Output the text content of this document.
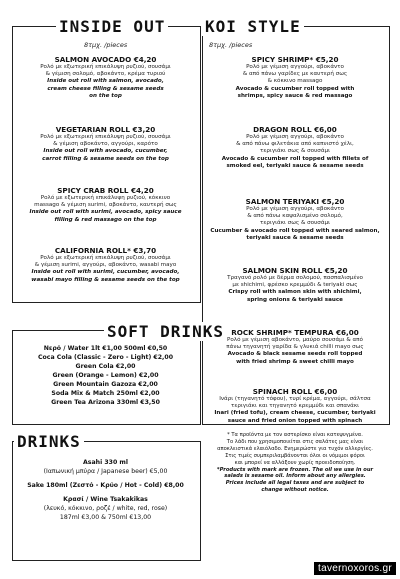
INSIDE OUT
8τμχ. /pieces
SALMON AVOCADO €4,20
Ρολό με εξωτερική επικάλυψη ρυζιού, σουσάμι
& γέμιση σολομό, αβοκάντο, κρέμα τυριού
Inside out roll with salmon, avocado,
cream cheese filling & sesame seeds
on the top
VEGETARIAN ROLL €3,20
Ρολό με εξωτερική επικάλυψη ρυζιού, σουσάμι
& γέμιση αβοκάντο, αγγούρι, καρότο
Inside out roll with avocado, cucumber,
carrot filling & sesame seeds on the top
SPICY CRAB ROLL €4,20
Ρολό με εξωτερική επικάλυψη ρυζιού, κόκκινο
massago & γέμιση surimi, αβοκάντο, καυτερή σως
Inside out roll with surimi, avocado, spicy sauce
filling & red massago on the top
CALIFORNIA ROLL* €3,70
Ρολό με εξωτερική επικάλυψη ρυζιού, σουσάμι
& γέμιση surimi, αγγούρι, αβοκάντο, wasabi mayo
Inside out roll with surimi, cucumber, avocado,
wasabi mayo filling & sesame seeds on the top
KOI STYLE
8τμχ. /pieces
SPICY SHRIMP* €5,20
Ρολό με γέμιση αγγούρι, αβοκάντο
& από πάνω γαρίδες με καυτερή σως
& κόκκινο massago
Avocado & cucumber roll topped with
shrimps, spicy sauce & red massago
DRAGON ROLL €6,00
Ρολό με γέμιση αγγούρι, αβοκάντο
& από πάνω φιλετάκια από καπνιστό χέλι,
τεριγιάκι σως & σουσάμι
Avocado & cucumber roll topped with fillets of
smoked eel, teriyaki sauce & sesame seeds
SALMON TERIYAKI €5,20
Ρολό με γέμιση αγγούρι, αβοκάντο
& από πάνω καψαλισμένο σολομό,
τεριγιάκι σως & σουσάμι
Cucumber & avocado roll topped with seared salmon,
teriyaki sauce & sesame seeds
SALMON SKIN ROLL €5,20
Τραγανό ρολό με δέρμα σολομού, πασπαλισμένο
με shichimi, φρέσκο κρεμμύδι & teriyaki σως
Crispy roll with salmon skin with shichimi,
spring onions & teriyaki sauce
ROCK SHRIMP* TEMPURA €6,00
Ρολό με γέμιση αβοκάντο, μαύρο σουσάμι & από
πάνω τηγανητή γαρίδα & γλυκιά chilli mayo σως
Avocado & black sesame seeds roll topped
with fried shrimp & sweet chilli mayo
SPINACH ROLL €6,00
Ινάρι (τηγανητό τόφου), τυρί κρέμα, αγγούρι, σάλτσα
τεριγιάκι και τηγανητό κρεμμύδι και σπανάκι
Inari (fried tofu), cream cheese, cucumber, teriyaki
sauce and fried onion topped with spinach
SOFT DRINKS
Νερό / Water 1lt €1,00 500ml €0,50
Coca Cola (Classic - Zero - Light) €2,00
Green Cola €2,00
Green (Orange - Lemon) €2,00
Green Mountain Gazoza €2,00
Soda Mix & Match 250ml €2,00
Green Tea Arizona 330ml €3,50
DRINKS
Asahi 330 ml
(Ιαπωνική μπύρα / Japanese beer) €5,00

Sake 180ml (Ζεστό - Κρύο / Hot - Cold) €8,00

Κρασί / Wine Tsakakikas
(λευκό, κόκκινο, ροζέ / white, red, rose)
187ml €3,00 & 750ml €13,00
* Τα προϊόντα με τον αστερίσκο είναι κατεψυγμένα.
Το λάδι που χρησιμοποιείται στις σαλάτες μας είναι
αποκλειστικά ελαιόλαδο. Ενημερώστε για τυχόν αλλεργίες.
Στις τιμές συμπεριλαμβάνονται όλοι οι νόμιμοι φόροι
και μπορεί να αλλάξουν χωρίς προειδοποίηση.
*Products with mark are frozen. The oil we use in our
salads is sesame oil. Inform about any allergies.
Prices include all legal taxes and are subject to
change without notice.
tavernoxoros.gr
